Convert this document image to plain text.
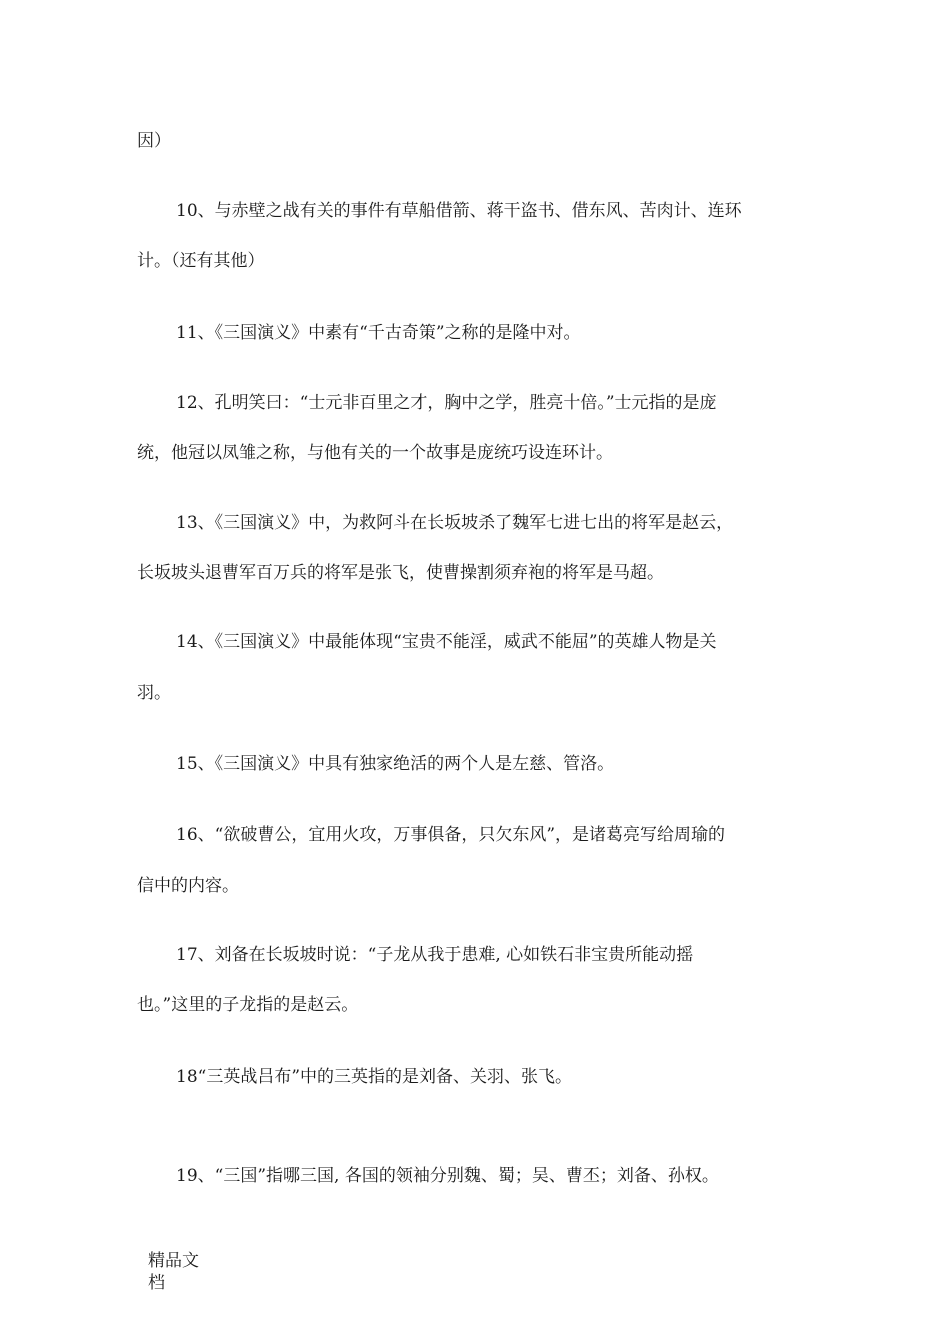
因）
10、与赤壁之战有关的事件有草船借箭、蒋干盗书、借东风、苦肉计、连环
计。（还有其他）
11、《三国演义》中素有“千古奇策”之称的是隆中对。
12、孔明笑曰：“士元非百里之才，胸中之学，胜亮十倍。”士元指的是庞
统，他冠以凤雏之称，与他有关的一个故事是庞统巧设连环计。
13、《三国演义》中，为救阿斗在长坂坡杀了魏军七进七出的将军是赵云，
长坂坡头退曹军百万兵的将军是张飞，使曹操割须弃袍的将军是马超。
14、《三国演义》中最能体现“宝贵不能淫，威武不能屈”的英雄人物是关
羽。
15、《三国演义》中具有独家绝活的两个人是左慈、管洛。
16、“欲破曹公，宜用火攻，万事俱备，只欠东风”，是诸葛亮写给周瑜的
信中的内容。
17、刘备在长坂坡时说：“子龙从我于患难, 心如铁石非宝贵所能动摇
也。”这里的子龙指的是赵云。
18“三英战吕布”中的三英指的是刘备、关羽、张飞。
19、“三国”指哪三国, 各国的领袖分别魏、蜀；吴、曹丕；刘备、孙权。
精品文
档
